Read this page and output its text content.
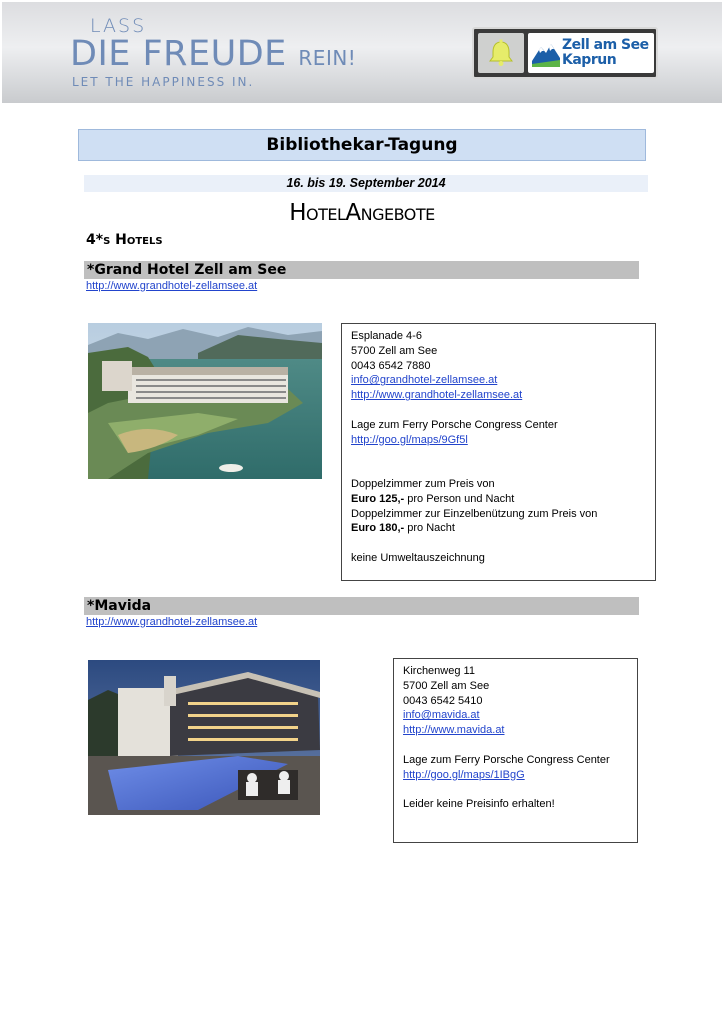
LASS
DIE FREUDE REIN!
LET THE HAPPINESS IN.
Zell am See
Kaprun
Bibliothekar-Tagung
16. bis 19. September 2014
HOTELANGEBOTE
4*S HOTELS
*Grand Hotel Zell am See
http://www.grandhotel-zellamsee.at
Esplanade 4-6
5700 Zell am See
0043 6542 7880
info@grandhotel-zellamsee.at
http://www.grandhotel-zellamsee.at
Lage zum Ferry Porsche Congress Center
http://goo.gl/maps/9Gf5l
Doppelzimmer zum Preis von
Euro 125,- pro Person und Nacht
Doppelzimmer zur Einzelbenützung zum Preis von
Euro 180,- pro Nacht
keine Umweltauszeichnung
*Mavida
http://www.grandhotel-zellamsee.at
Kirchenweg 11
5700 Zell am See
0043 6542 5410
info@mavida.at
http://www.mavida.at
Lage zum Ferry Porsche Congress Center
http://goo.gl/maps/1IBgG
Leider keine Preisinfo erhalten!
